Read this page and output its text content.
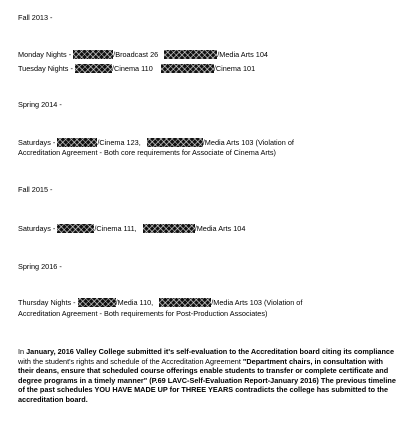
Fall 2013 -
Monday Nights -	/Broadcast 26	/Media Arts 104
Tuesday Nights -	/Cinema 110	/Cinema 101
Spring 2014 -
Saturdays -	/Cinema 123,	/Media Arts 103 (Violation of
Accreditation Agreement - Both core requirements for Associate of Cinema Arts)
Fall 2015 -
Saturdays -	/Cinema 111,	/Media Arts 104
Spring 2016 -
Thursday Nights -	/Media 110,	/Media Arts 103 (Violation of
Accreditation Agreement - Both requirements for Post-Production Associates)
In January, 2016 Valley College submitted it's self-evaluation to the Accreditation board citing its compliance with the student's rights and schedule of the Accreditation Agreement "Department chairs, in consultation with their deans, ensure that scheduled course offerings enable students to transfer or complete certificate and degree programs in a timely manner" (P.69 LAVC-Self-Evaluation Report-January 2016) The previous timeline of the past schedules YOU HAVE MADE UP for THREE YEARS contradicts the college has submitted to the accreditation board.
